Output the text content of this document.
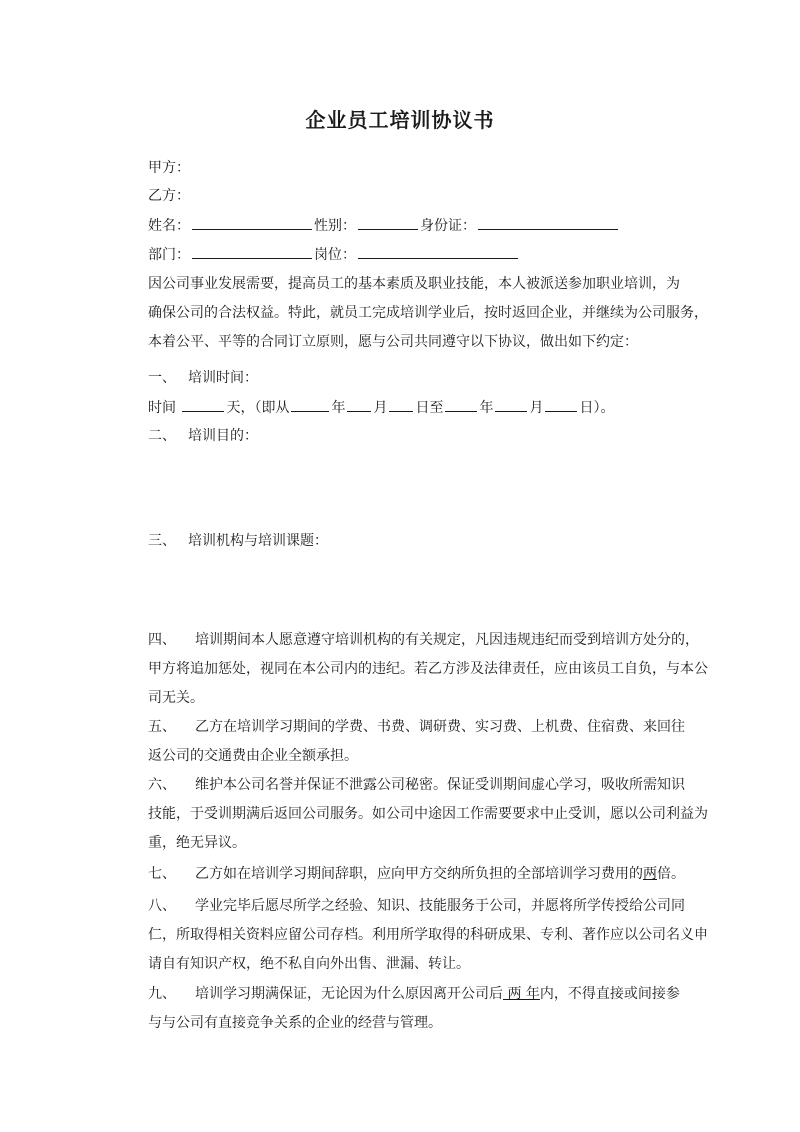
企业员工培训协议书
甲方：
乙方：
姓名：	性别：	身份证：
部门：	岗位：
因公司事业发展需要，提高员工的基本素质及职业技能，本人被派送参加职业培训，为
确保公司的合法权益。特此，就员工完成培训学业后，按时返回企业，并继续为公司服务，
本着公平、平等的合同订立原则，愿与公司共同遵守以下协议，做出如下约定：
一、 培训时间：
时间	天，（即从	年 月 日至	年	月	日）。
二、 培训目的：
三、 培训机构与培训课题：
四、 培训期间本人愿意遵守培训机构的有关规定，凡因违规违纪而受到培训方处分的，
甲方将追加惩处，视同在本公司内的违纪。若乙方涉及法律责任，应由该员工自负，与本公
司无关。
五、 乙方在培训学习期间的学费、书费、调研费、实习费、上机费、住宿费、来回往
返公司的交通费由企业全额承担。
六、 维护本公司名誉并保证不泄露公司秘密。保证受训期间虚心学习，吸收所需知识
技能，于受训期满后返回公司服务。如公司中途因工作需要要求中止受训，愿以公司利益为
重，绝无异议。
七、 乙方如在培训学习期间辞职，应向甲方交纳所负担的全部培训学习费用的两倍。
八、 学业完毕后愿尽所学之经验、知识、技能服务于公司，并愿将所学传授给公司同
仁，所取得相关资料应留公司存档。利用所学取得的科研成果、专利、著作应以公司名义申
请自有知识产权，绝不私自向外出售、泄漏、转让。
九、 培训学习期满保证，无论因为什么原因离开公司后 两 年内，不得直接或间接参
与与公司有直接竞争关系的企业的经营与管理。
